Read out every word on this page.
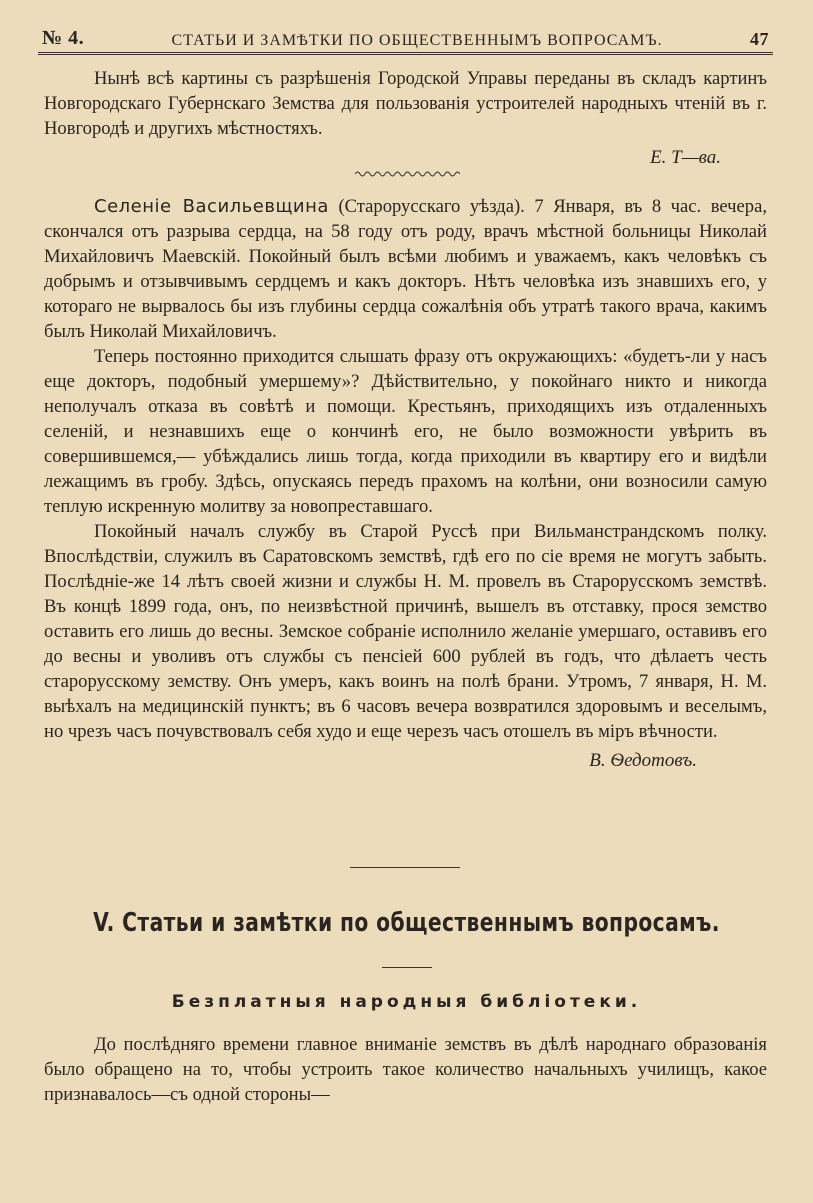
№ 4.	СТАТЬИ И ЗАМѢТКИ ПО ОБЩЕСТВЕННЫМЪ ВОПРОСАМЪ.	47

Нынѣ всѣ картины съ разрѣшенія Городской Управы переданы въ складъ картинъ Новгородскаго Губернскаго Земства для пользованія устроителей народныхъ чтеній въ г. Новгородѣ и другихъ мѣстностяхъ.

Е. Т—ва.

Селеніе Васильевщина (Старорусскаго уѣзда). 7 Января, въ 8 час. вечера, скончался отъ разрыва сердца, на 58 году отъ роду, врачъ мѣстной больницы Николай Михайловичъ Маевскій. Покойный былъ всѣми любимъ и уважаемъ, какъ человѣкъ съ добрымъ и отзывчивымъ сердцемъ и какъ докторъ. Нѣтъ человѣка изъ знавшихъ его, у котораго не вырвалось бы изъ глубины сердца сожалѣнія объ утратѣ такого врача, какимъ былъ Николай Михайловичъ.

Теперь постоянно приходится слышать фразу отъ окружающихъ: «будетъ-ли у насъ еще докторъ, подобный умершему»? Дѣйствительно, у покойнаго никто и никогда неполучалъ отказа въ совѣтѣ и помощи. Крестьянъ, приходящихъ изъ отдаленныхъ селеній, и незнавшихъ еще о кончинѣ его, не было возможности увѣрить въ совершившемся,— убѣждались лишь тогда, когда приходили въ квартиру его и видѣли лежащимъ въ гробу. Здѣсь, опускаясь передъ прахомъ на колѣни, они возносили самую теплую искренную молитву за новопреставшаго.

Покойный началъ службу въ Старой Руссѣ при Вильманстрандскомъ полку. Впослѣдствіи, служилъ въ Саратовскомъ земствѣ, гдѣ его по сіе время не могутъ забыть. Послѣдніе-же 14 лѣтъ своей жизни и службы Н. М. провелъ въ Старорусскомъ земствѣ. Въ концѣ 1899 года, онъ, по неизвѣстной причинѣ, вышелъ въ отставку, прося земство оставить его лишь до весны. Земское собраніе исполнило желаніе умершаго, оставивъ его до весны и уволивъ отъ службы съ пенсіей 600 рублей въ годъ, что дѣлаетъ честь старорусскому земству. Онъ умеръ, какъ воинъ на полѣ брани. Утромъ, 7 января, Н. М. выѣхалъ на медицинскій пунктъ; въ 6 часовъ вечера возвратился здоровымъ и веселымъ, но чрезъ часъ почувствовалъ себя худо и еще черезъ часъ отошелъ въ міръ вѣчности.

В. Ѳедотовъ.

V. Статьи и замѣтки по общественнымъ вопросамъ.
Безплатныя народныя библіотеки.

До послѣдняго времени главное вниманіе земствъ въ дѣлѣ народнаго образованія было обращено на то, чтобы устроить такое количество начальныхъ училищъ, какое признавалось—съ одной стороны—
